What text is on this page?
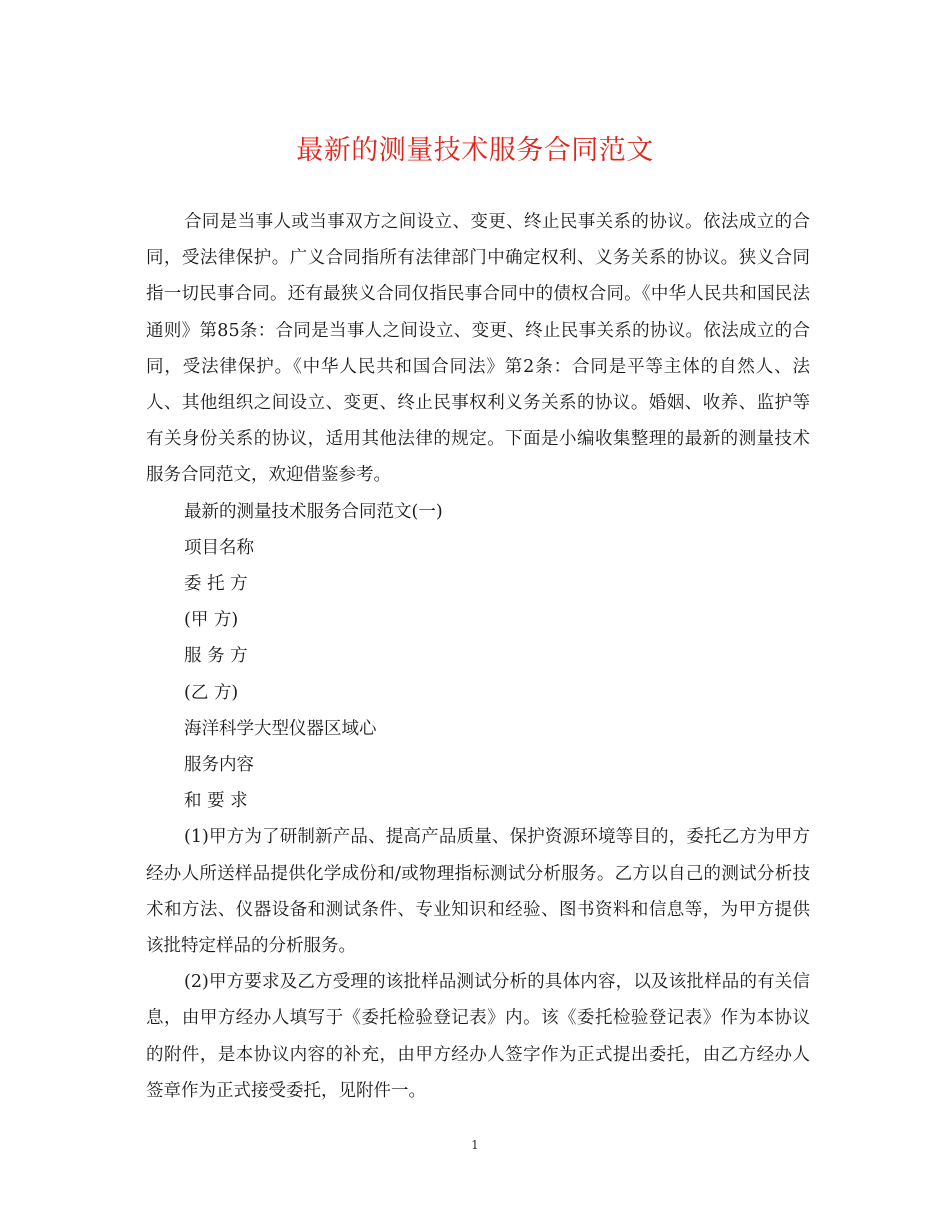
最新的测量技术服务合同范文

合同是当事人或当事双方之间设立、变更、终止民事关系的协议。依法成立的合同，受法律保护。广义合同指所有法律部门中确定权利、义务关系的协议。狭义合同指一切民事合同。还有最狭义合同仅指民事合同中的债权合同。《中华人民共和国民法通则》第85条：合同是当事人之间设立、变更、终止民事关系的协议。依法成立的合同，受法律保护。《中华人民共和国合同法》第2条：合同是平等主体的自然人、法人、其他组织之间设立、变更、终止民事权利义务关系的协议。婚姻、收养、监护等有关身份关系的协议，适用其他法律的规定。下面是小编收集整理的最新的测量技术服务合同范文，欢迎借鉴参考。

最新的测量技术服务合同范文(一)

项目名称

委 托 方

(甲 方)

服 务 方

(乙 方)

海洋科学大型仪器区域心

服务内容

和 要 求

(1)甲方为了研制新产品、提高产品质量、保护资源环境等目的，委托乙方为甲方经办人所送样品提供化学成份和/或物理指标测试分析服务。乙方以自己的测试分析技术和方法、仪器设备和测试条件、专业知识和经验、图书资料和信息等，为甲方提供该批特定样品的分析服务。

(2)甲方要求及乙方受理的该批样品测试分析的具体内容，以及该批样品的有关信息，由甲方经办人填写于《委托检验登记表》内。该《委托检验登记表》作为本协议的附件，是本协议内容的补充，由甲方经办人签字作为正式提出委托，由乙方经办人签章作为正式接受委托，见附件一。

1
